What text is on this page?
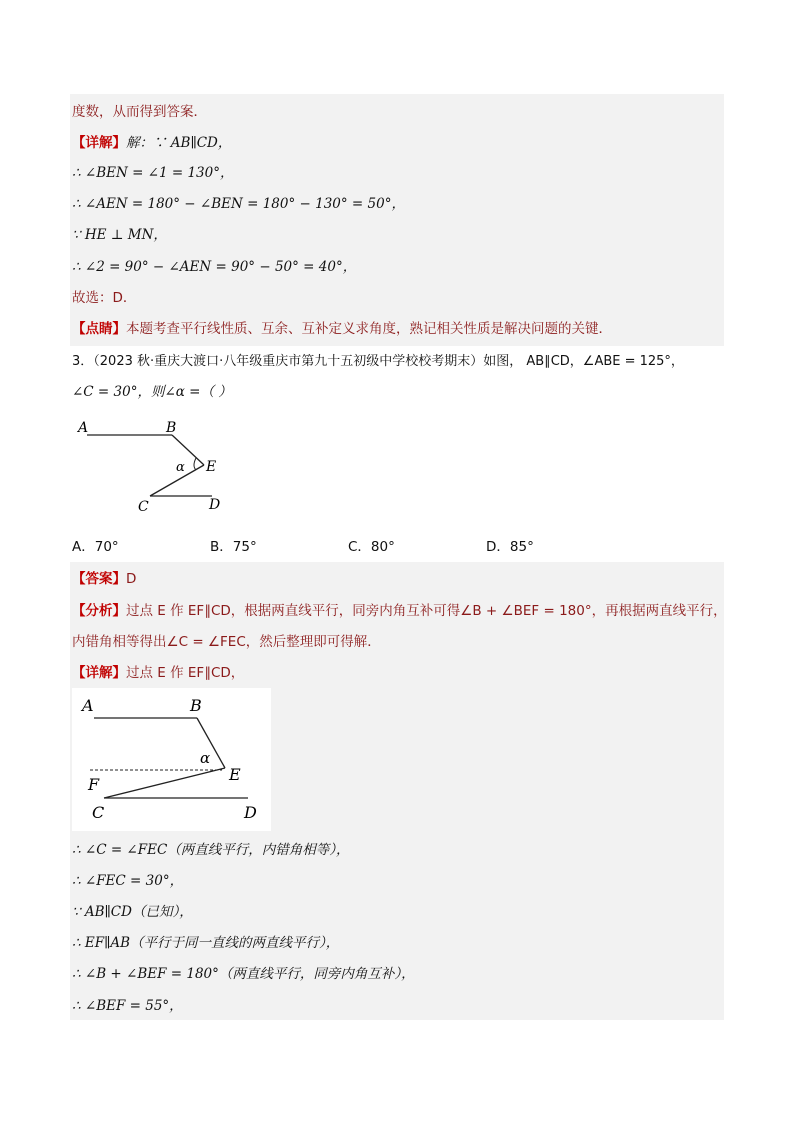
度数，从而得到答案．
【详解】解：∵ AB∥CD，
∴ ∠BEN = ∠1 = 130°，
∴ ∠AEN = 180° − ∠BEN = 180° − 130° = 50°，
∵ HE ⊥ MN，
∴ ∠2 = 90° − ∠AEN = 90° − 50° = 40°，
故选：D．
【点睛】本题考查平行线性质、互余、互补定义求角度，熟记相关性质是解决问题的关键．
3．（2023 秋·重庆大渡口·八年级重庆市第九十五初级中学校校考期末）如图， AB∥CD，∠ABE = 125°，
∠C = 30°，则∠α =（ ）
A	B
α E
C	D
A．70°	B．75°	C．80°	D．85°
【答案】D
【分析】过点 E 作 EF∥CD，根据两直线平行，同旁内角互补可得∠B + ∠BEF = 180°，再根据两直线平行，
内错角相等得出∠C = ∠FEC，然后整理即可得解．
【详解】过点 E 作 EF∥CD，
A	B
α
F
E
C	D
∴ ∠C = ∠FEC（两直线平行，内错角相等），
∴ ∠FEC = 30°，
∵ AB∥CD（已知），
∴ EF∥AB（平行于同一直线的两直线平行），
∴ ∠B + ∠BEF = 180°（两直线平行，同旁内角互补），
∴ ∠BEF = 55°，
